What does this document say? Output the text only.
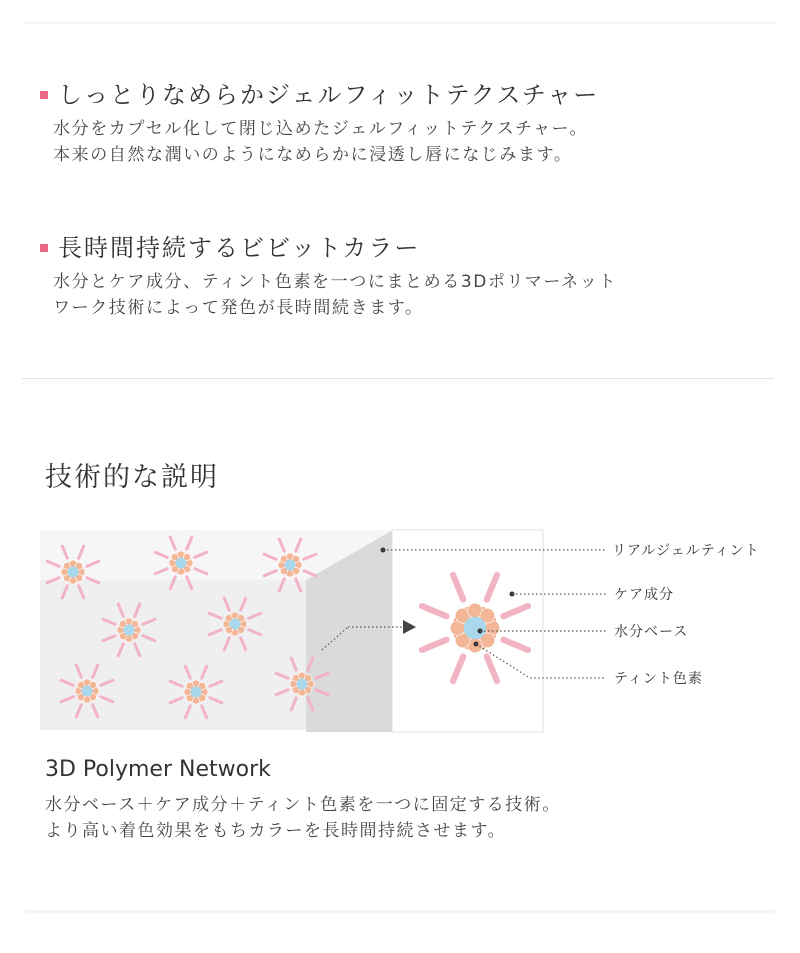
しっとりなめらかジェルフィットテクスチャー
水分をカプセル化して閉じ込めたジェルフィットテクスチャー。
本来の自然な潤いのようになめらかに浸透し唇になじみます。
長時間持続するビビットカラー
水分とケア成分、ティント色素を一つにまとめる3Dポリマーネット
ワーク技術によって発色が長時間続きます。
技術的な説明
リアルジェルティント
ケア成分
水分ベース
ティント色素
3D Polymer Network
水分ベース＋ケア成分＋ティント色素を一つに固定する技術。
より高い着色効果をもちカラーを長時間持続させます。
